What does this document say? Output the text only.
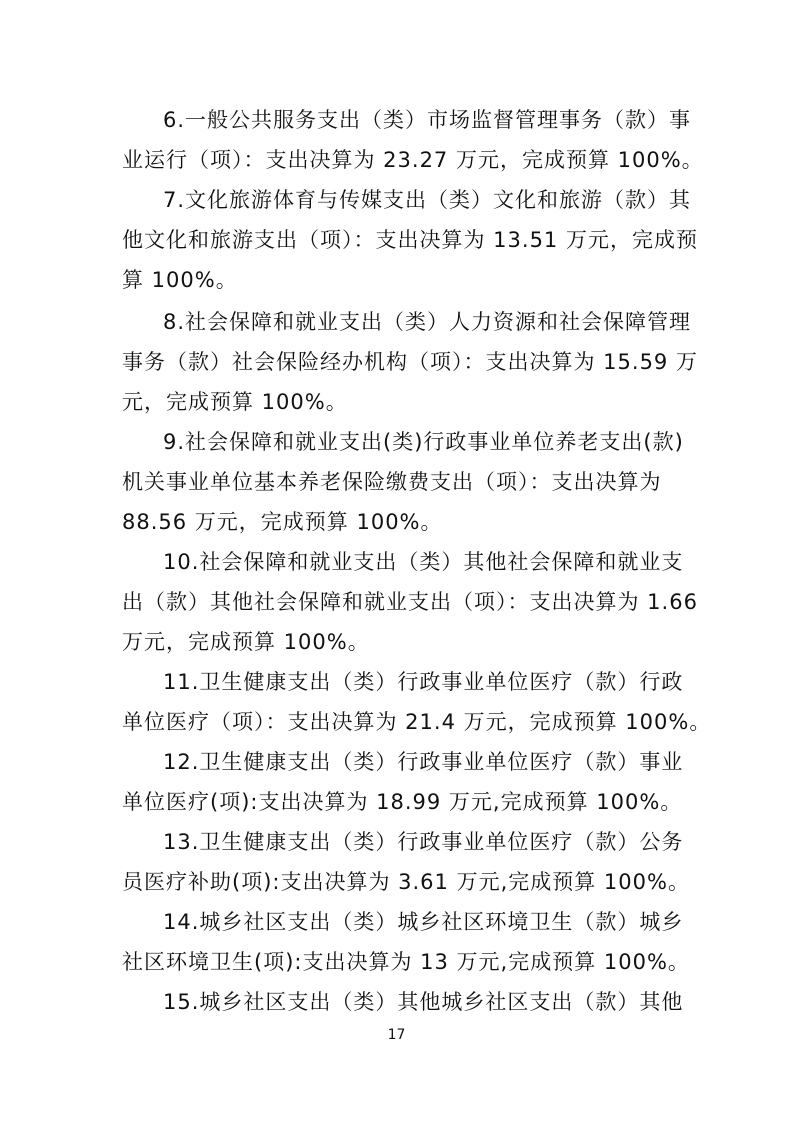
6.一般公共服务支出（类）市场监督管理事务（款）事
业运行（项）：支出决算为 23.27 万元，完成预算 100%。
7.文化旅游体育与传媒支出（类）文化和旅游（款）其
他文化和旅游支出（项）：支出决算为 13.51 万元，完成预
算 100%。
8.社会保障和就业支出（类）人力资源和社会保障管理
事务（款）社会保险经办机构（项）：支出决算为 15.59 万
元，完成预算 100%。
9.社会保障和就业支出(类)行政事业单位养老支出(款)
机关事业单位基本养老保险缴费支出（项）：支出决算为
88.56 万元，完成预算 100%。
10.社会保障和就业支出（类）其他社会保障和就业支
出（款）其他社会保障和就业支出（项）：支出决算为 1.66
万元，完成预算 100%。
11.卫生健康支出（类）行政事业单位医疗（款）行政
单位医疗（项）：支出决算为 21.4 万元，完成预算 100%。
12.卫生健康支出（类）行政事业单位医疗（款）事业
单位医疗(项):支出决算为 18.99 万元,完成预算 100%。
13.卫生健康支出（类）行政事业单位医疗（款）公务
员医疗补助(项):支出决算为 3.61 万元,完成预算 100%。
14.城乡社区支出（类）城乡社区环境卫生（款）城乡
社区环境卫生(项):支出决算为 13 万元,完成预算 100%。
15.城乡社区支出（类）其他城乡社区支出（款）其他
17
